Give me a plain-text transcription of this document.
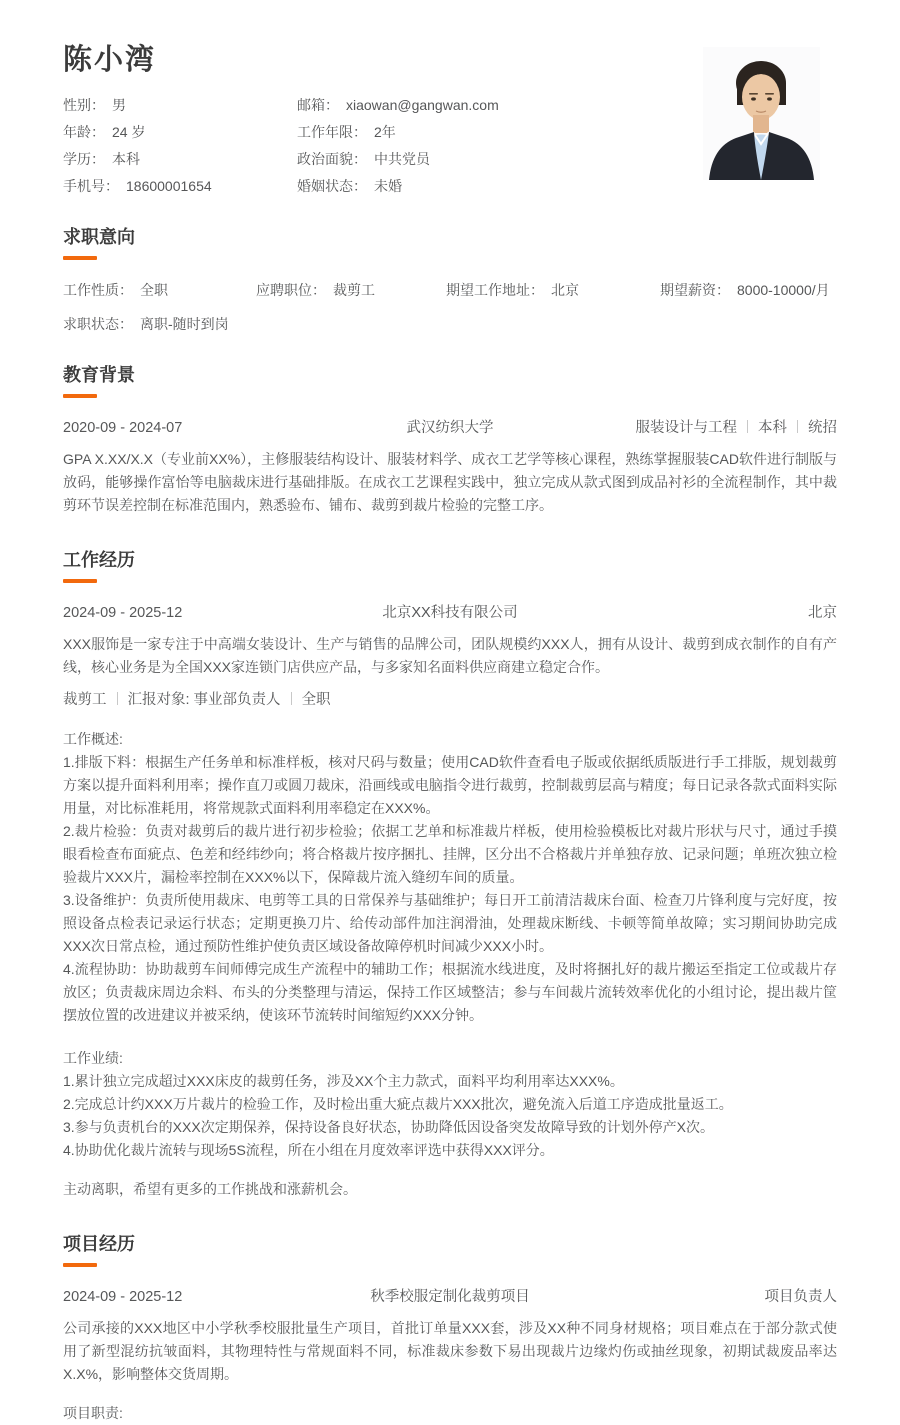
陈小湾
性别： 男	邮箱： xiaowan@gangwan.com
年龄： 24 岁	工作年限： 2年
学历： 本科	政治面貌： 中共党员
手机号： 18600001654	婚姻状态： 未婚
求职意向
工作性质： 全职	应聘职位： 裁剪工	期望工作地址： 北京	期望薪资： 8000-10000/月
求职状态： 离职-随时到岗
教育背景
2020-09 - 2024-07	武汉纺织大学	服装设计与工程 本科 统招

GPA X.XX/X.X（专业前XX%），主修服装结构设计、服装材料学、成衣工艺学等核心课程，熟练掌握服装CAD软件进行制版与放码，能够操作富怡等电脑裁床进行基础排版。在成衣工艺课程实践中，独立完成从款式图到成品衬衫的全流程制作，其中裁剪环节误差控制在标准范围内，熟悉验布、铺布、裁剪到裁片检验的完整工序。

工作经历
2024-09 - 2025-12	北京XX科技有限公司	北京

XXX服饰是一家专注于中高端女装设计、生产与销售的品牌公司，团队规模约XXX人，拥有从设计、裁剪到成衣制作的自有产线，核心业务是为全国XXX家连锁门店供应产品，与多家知名面料供应商建立稳定合作。

裁剪工 汇报对象: 事业部负责人 全职
工作概述:
1.排版下料：根据生产任务单和标准样板，核对尺码与数量；使用CAD软件查看电子版或依据纸质版进行手工排版，规划裁剪方案以提升面料利用率；操作直刀或圆刀裁床，沿画线或电脑指令进行裁剪，控制裁剪层高与精度；每日记录各款式面料实际用量，对比标准耗用，将常规款式面料利用率稳定在XXX%。
2.裁片检验：负责对裁剪后的裁片进行初步检验；依据工艺单和标准裁片样板，使用检验模板比对裁片形状与尺寸，通过手摸眼看检查布面疵点、色差和经纬纱向；将合格裁片按序捆扎、挂牌，区分出不合格裁片并单独存放、记录问题；单班次独立检验裁片XXX片，漏检率控制在XXX%以下，保障裁片流入缝纫车间的质量。
3.设备维护：负责所使用裁床、电剪等工具的日常保养与基础维护；每日开工前清洁裁床台面、检查刀片锋利度与完好度，按照设备点检表记录运行状态；定期更换刀片、给传动部件加注润滑油，处理裁床断线、卡顿等简单故障；实习期间协助完成XXX次日常点检，通过预防性维护使负责区域设备故障停机时间减少XXX小时。
4.流程协助：协助裁剪车间师傅完成生产流程中的辅助工作；根据流水线进度，及时将捆扎好的裁片搬运至指定工位或裁片存放区；负责裁床周边余料、布头的分类整理与清运，保持工作区域整洁；参与车间裁片流转效率优化的小组讨论，提出裁片筐摆放位置的改进建议并被采纳，使该环节流转时间缩短约XXX分钟。
工作业绩:
1.累计独立完成超过XXX床皮的裁剪任务，涉及XX个主力款式，面料平均利用率达XXX%。
2.完成总计约XXX万片裁片的检验工作，及时检出重大疵点裁片XXX批次，避免流入后道工序造成批量返工。
3.参与负责机台的XXX次定期保养，保持设备良好状态，协助降低因设备突发故障导致的计划外停产X次。
4.协助优化裁片流转与现场5S流程，所在小组在月度效率评选中获得XXX评分。
主动离职，希望有更多的工作挑战和涨薪机会。
项目经历
2024-09 - 2025-12	秋季校服定制化裁剪项目	项目负责人

公司承接的XXX地区中小学秋季校服批量生产项目，首批订单量XXX套，涉及XX种不同身材规格；项目难点在于部分款式使用了新型混纺抗皱面料，其物理特性与常规面料不同，标准裁床参数下易出现裁片边缘灼伤或抽丝现象，初期试裁废品率达X.X%，影响整体交货周期。

项目职责:
